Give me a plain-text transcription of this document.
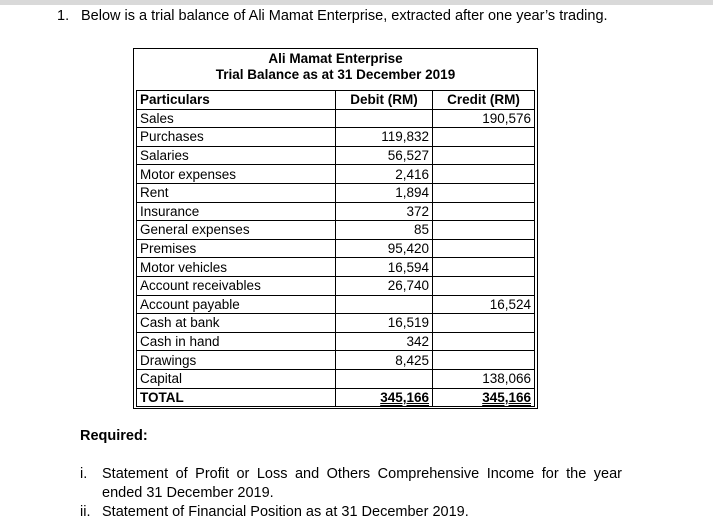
1. Below is a trial balance of Ali Mamat Enterprise, extracted after one year’s trading.
Ali Mamat Enterprise
Trial Balance as at 31 December 2019
Particulars	Debit (RM)	Credit (RM)
Sales		190,576
Purchases	119,832	
Salaries	56,527	
Motor expenses	2,416	
Rent	1,894	
Insurance	372	
General expenses	85	
Premises	95,420	
Motor vehicles	16,594	
Account receivables	26,740	
Account payable		16,524
Cash at bank	16,519	
Cash in hand	342	
Drawings	8,425	
Capital		138,066
TOTAL	345,166	345,166
Required:
i. Statement of Profit or Loss and Others Comprehensive Income for the year ended 31 December 2019.
ii. Statement of Financial Position as at 31 December 2019.
